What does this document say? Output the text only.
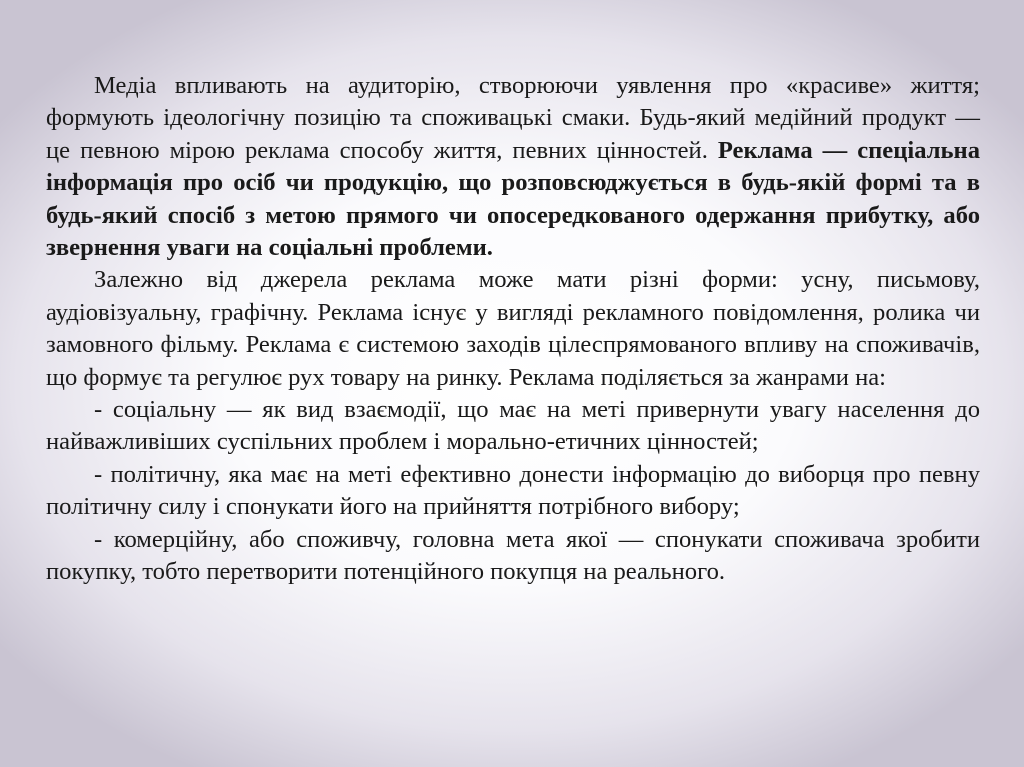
Медіа впливають на аудиторію, створюючи уявлення про «красиве» життя; формують ідеологічну позицію та споживацькі смаки. Будь-який медійний продукт — це певною мірою реклама способу життя, певних цінностей. Реклама — спеціальна інформація про осіб чи продукцію, що розповсюджується в будь-якій формі та в будь-який спосіб з метою прямого чи опосередкованого одержання прибутку, або звернення уваги на соціальні проблеми.

Залежно від джерела реклама може мати різні форми: усну, письмову, аудіовізуальну, графічну. Реклама існує у вигляді рекламного повідомлення, ролика чи замовного фільму. Реклама є системою заходів цілеспрямованого впливу на споживачів, що формує та регулює рух товару на ринку. Реклама поділяється за жанрами на:

- соціальну — як вид взаємодії, що має на меті привернути увагу населення до найважливіших суспільних проблем і морально-етичних цінностей;

- політичну, яка має на меті ефективно донести інформацію до виборця про певну політичну силу і спонукати його на прийняття потрібного вибору;

- комерційну, або споживчу, головна мета якої — спонукати споживача зробити покупку, тобто перетворити потенційного покупця на реального.
